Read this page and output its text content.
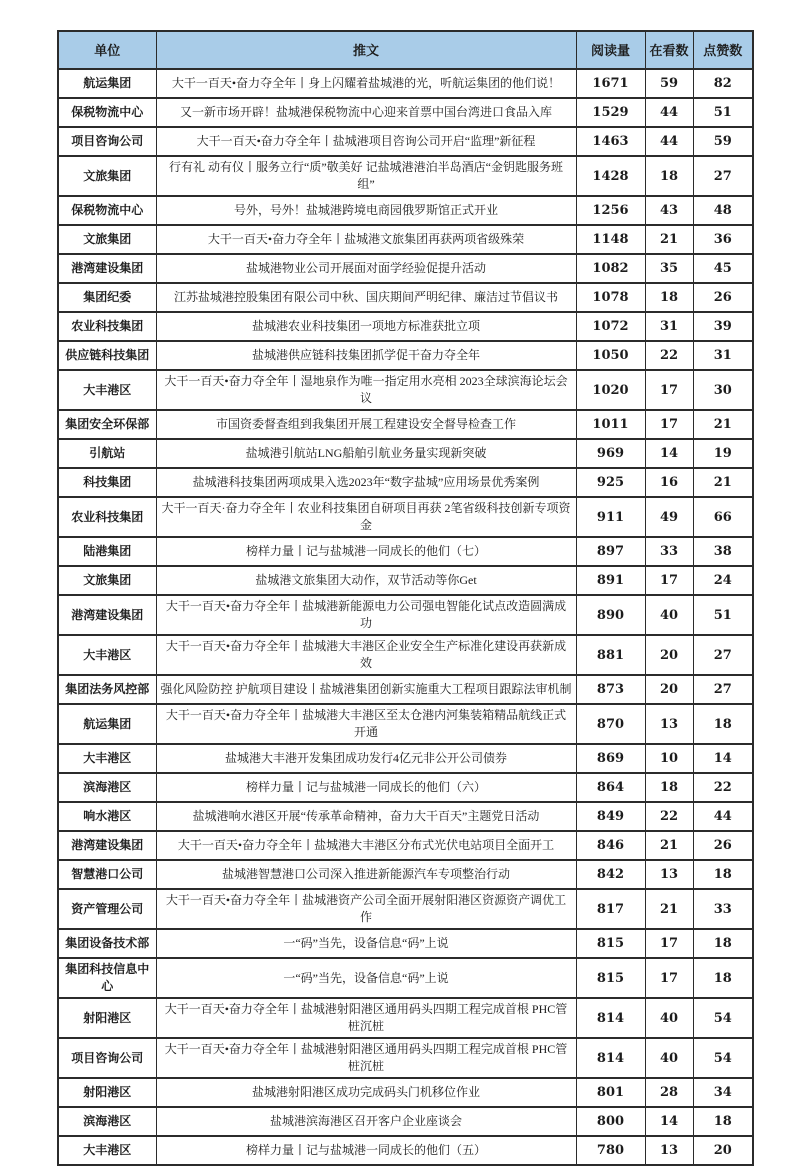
单位	推文	阅读量	在看数	点赞数
航运集团	大干一百天•奋力夺全年丨身上闪耀着盐城港的光，听航运集团的他们说！	1671	59	82
保税物流中心	又一新市场开辟！盐城港保税物流中心迎来首票中国台湾进口食品入库	1529	44	51
项目咨询公司	大干一百天•奋力夺全年丨盐城港项目咨询公司开启“监理”新征程	1463	44	59
文旅集团	行有礼 动有仪丨服务立行“质”敬美好 记盐城港港泊半岛酒店“金钥匙服务班组”	1428	18	27
保税物流中心	号外，号外！盐城港跨境电商园俄罗斯馆正式开业	1256	43	48
文旅集团	大干一百天•奋力夺全年丨盐城港文旅集团再获两项省级殊荣	1148	21	36
港湾建设集团	盐城港物业公司开展面对面学经验促提升活动	1082	35	45
集团纪委	江苏盐城港控股集团有限公司中秋、国庆期间严明纪律、廉洁过节倡议书	1078	18	26
农业科技集团	盐城港农业科技集团一项地方标准获批立项	1072	31	39
供应链科技集团	盐城港供应链科技集团抓学促干奋力夺全年	1050	22	31
大丰港区	大干一百天•奋力夺全年丨湿地泉作为唯一指定用水亮相 2023全球滨海论坛会议	1020	17	30
集团安全环保部	市国资委督查组到我集团开展工程建设安全督导检查工作	1011	17	21
引航站	盐城港引航站LNG船舶引航业务量实现新突破	969	14	19
科技集团	盐城港科技集团两项成果入选2023年“数字盐城”应用场景优秀案例	925	16	21
农业科技集团	大干一百天·奋力夺全年丨农业科技集团自研项目再获 2笔省级科技创新专项资金	911	49	66
陆港集团	榜样力量丨记与盐城港一同成长的他们（七）	897	33	38
文旅集团	盐城港文旅集团大动作，双节活动等你Get	891	17	24
港湾建设集团	大干一百天•奋力夺全年丨盐城港新能源电力公司强电智能化试点改造圆满成功	890	40	51
大丰港区	大干一百天•奋力夺全年丨盐城港大丰港区企业安全生产标准化建设再获新成效	881	20	27
集团法务风控部	强化风险防控 护航项目建设丨盐城港集团创新实施重大工程项目跟踪法审机制	873	20	27
航运集团	大干一百天•奋力夺全年丨盐城港大丰港区至太仓港内河集装箱精品航线正式开通	870	13	18
大丰港区	盐城港大丰港开发集团成功发行4亿元非公开公司债券	869	10	14
滨海港区	榜样力量丨记与盐城港一同成长的他们（六）	864	18	22
响水港区	盐城港响水港区开展“传承革命精神，奋力大干百天”主题党日活动	849	22	44
港湾建设集团	大干一百天•奋力夺全年丨盐城港大丰港区分布式光伏电站项目全面开工	846	21	26
智慧港口公司	盐城港智慧港口公司深入推进新能源汽车专项整治行动	842	13	18
资产管理公司	大干一百天•奋力夺全年丨盐城港资产公司全面开展射阳港区资源资产调优工作	817	21	33
集团设备技术部	一“码”当先，设备信息“码”上说	815	17	18
集团科技信息中心	一“码”当先，设备信息“码”上说	815	17	18
射阳港区	大干一百天•奋力夺全年丨盐城港射阳港区通用码头四期工程完成首根 PHC管桩沉桩	814	40	54
项目咨询公司	大干一百天•奋力夺全年丨盐城港射阳港区通用码头四期工程完成首根 PHC管桩沉桩	814	40	54
射阳港区	盐城港射阳港区成功完成码头门机移位作业	801	28	34
滨海港区	盐城港滨海港区召开客户企业座谈会	800	14	18
大丰港区	榜样力量丨记与盐城港一同成长的他们（五）	780	13	20
